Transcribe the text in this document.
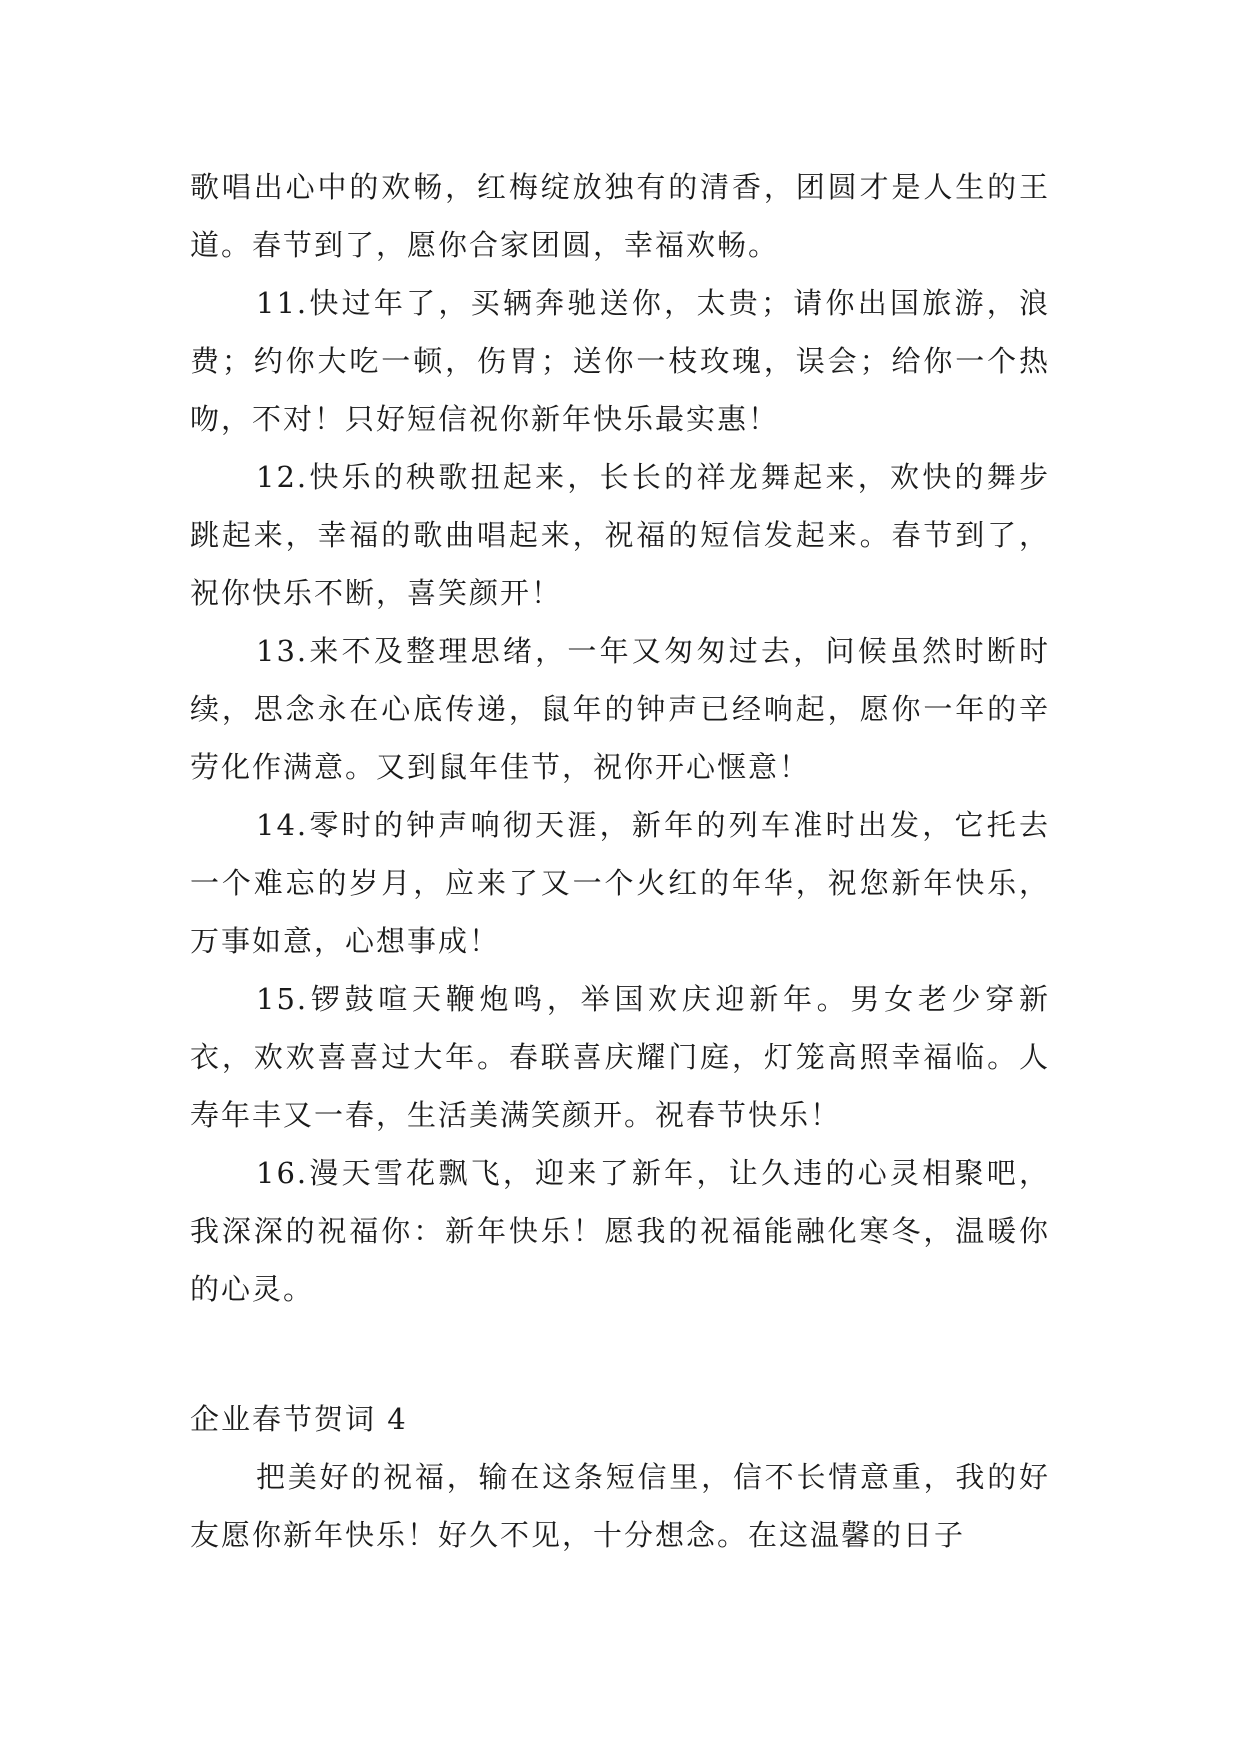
歌唱出心中的欢畅，红梅绽放独有的清香，团圆才是人生的王道。春节到了，愿你合家团圆，幸福欢畅。

11.快过年了，买辆奔驰送你，太贵；请你出国旅游，浪费；约你大吃一顿，伤胃；送你一枝玫瑰，误会；给你一个热吻，不对！只好短信祝你新年快乐最实惠！

12.快乐的秧歌扭起来，长长的祥龙舞起来，欢快的舞步跳起来，幸福的歌曲唱起来，祝福的短信发起来。春节到了，祝你快乐不断，喜笑颜开！

13.来不及整理思绪，一年又匆匆过去，问候虽然时断时续，思念永在心底传递，鼠年的钟声已经响起，愿你一年的辛劳化作满意。又到鼠年佳节，祝你开心惬意！

14.零时的钟声响彻天涯，新年的列车准时出发，它托去一个难忘的岁月，应来了又一个火红的年华，祝您新年快乐，万事如意，心想事成！

15.锣鼓喧天鞭炮鸣，举国欢庆迎新年。男女老少穿新衣，欢欢喜喜过大年。春联喜庆耀门庭，灯笼高照幸福临。人寿年丰又一春，生活美满笑颜开。祝春节快乐！

16.漫天雪花飘飞，迎来了新年，让久违的心灵相聚吧，我深深的祝福你：新年快乐！愿我的祝福能融化寒冬，温暖你的心灵。

企业春节贺词 4

把美好的祝福，输在这条短信里，信不长情意重，我的好友愿你新年快乐！好久不见，十分想念。在这温馨的日子
